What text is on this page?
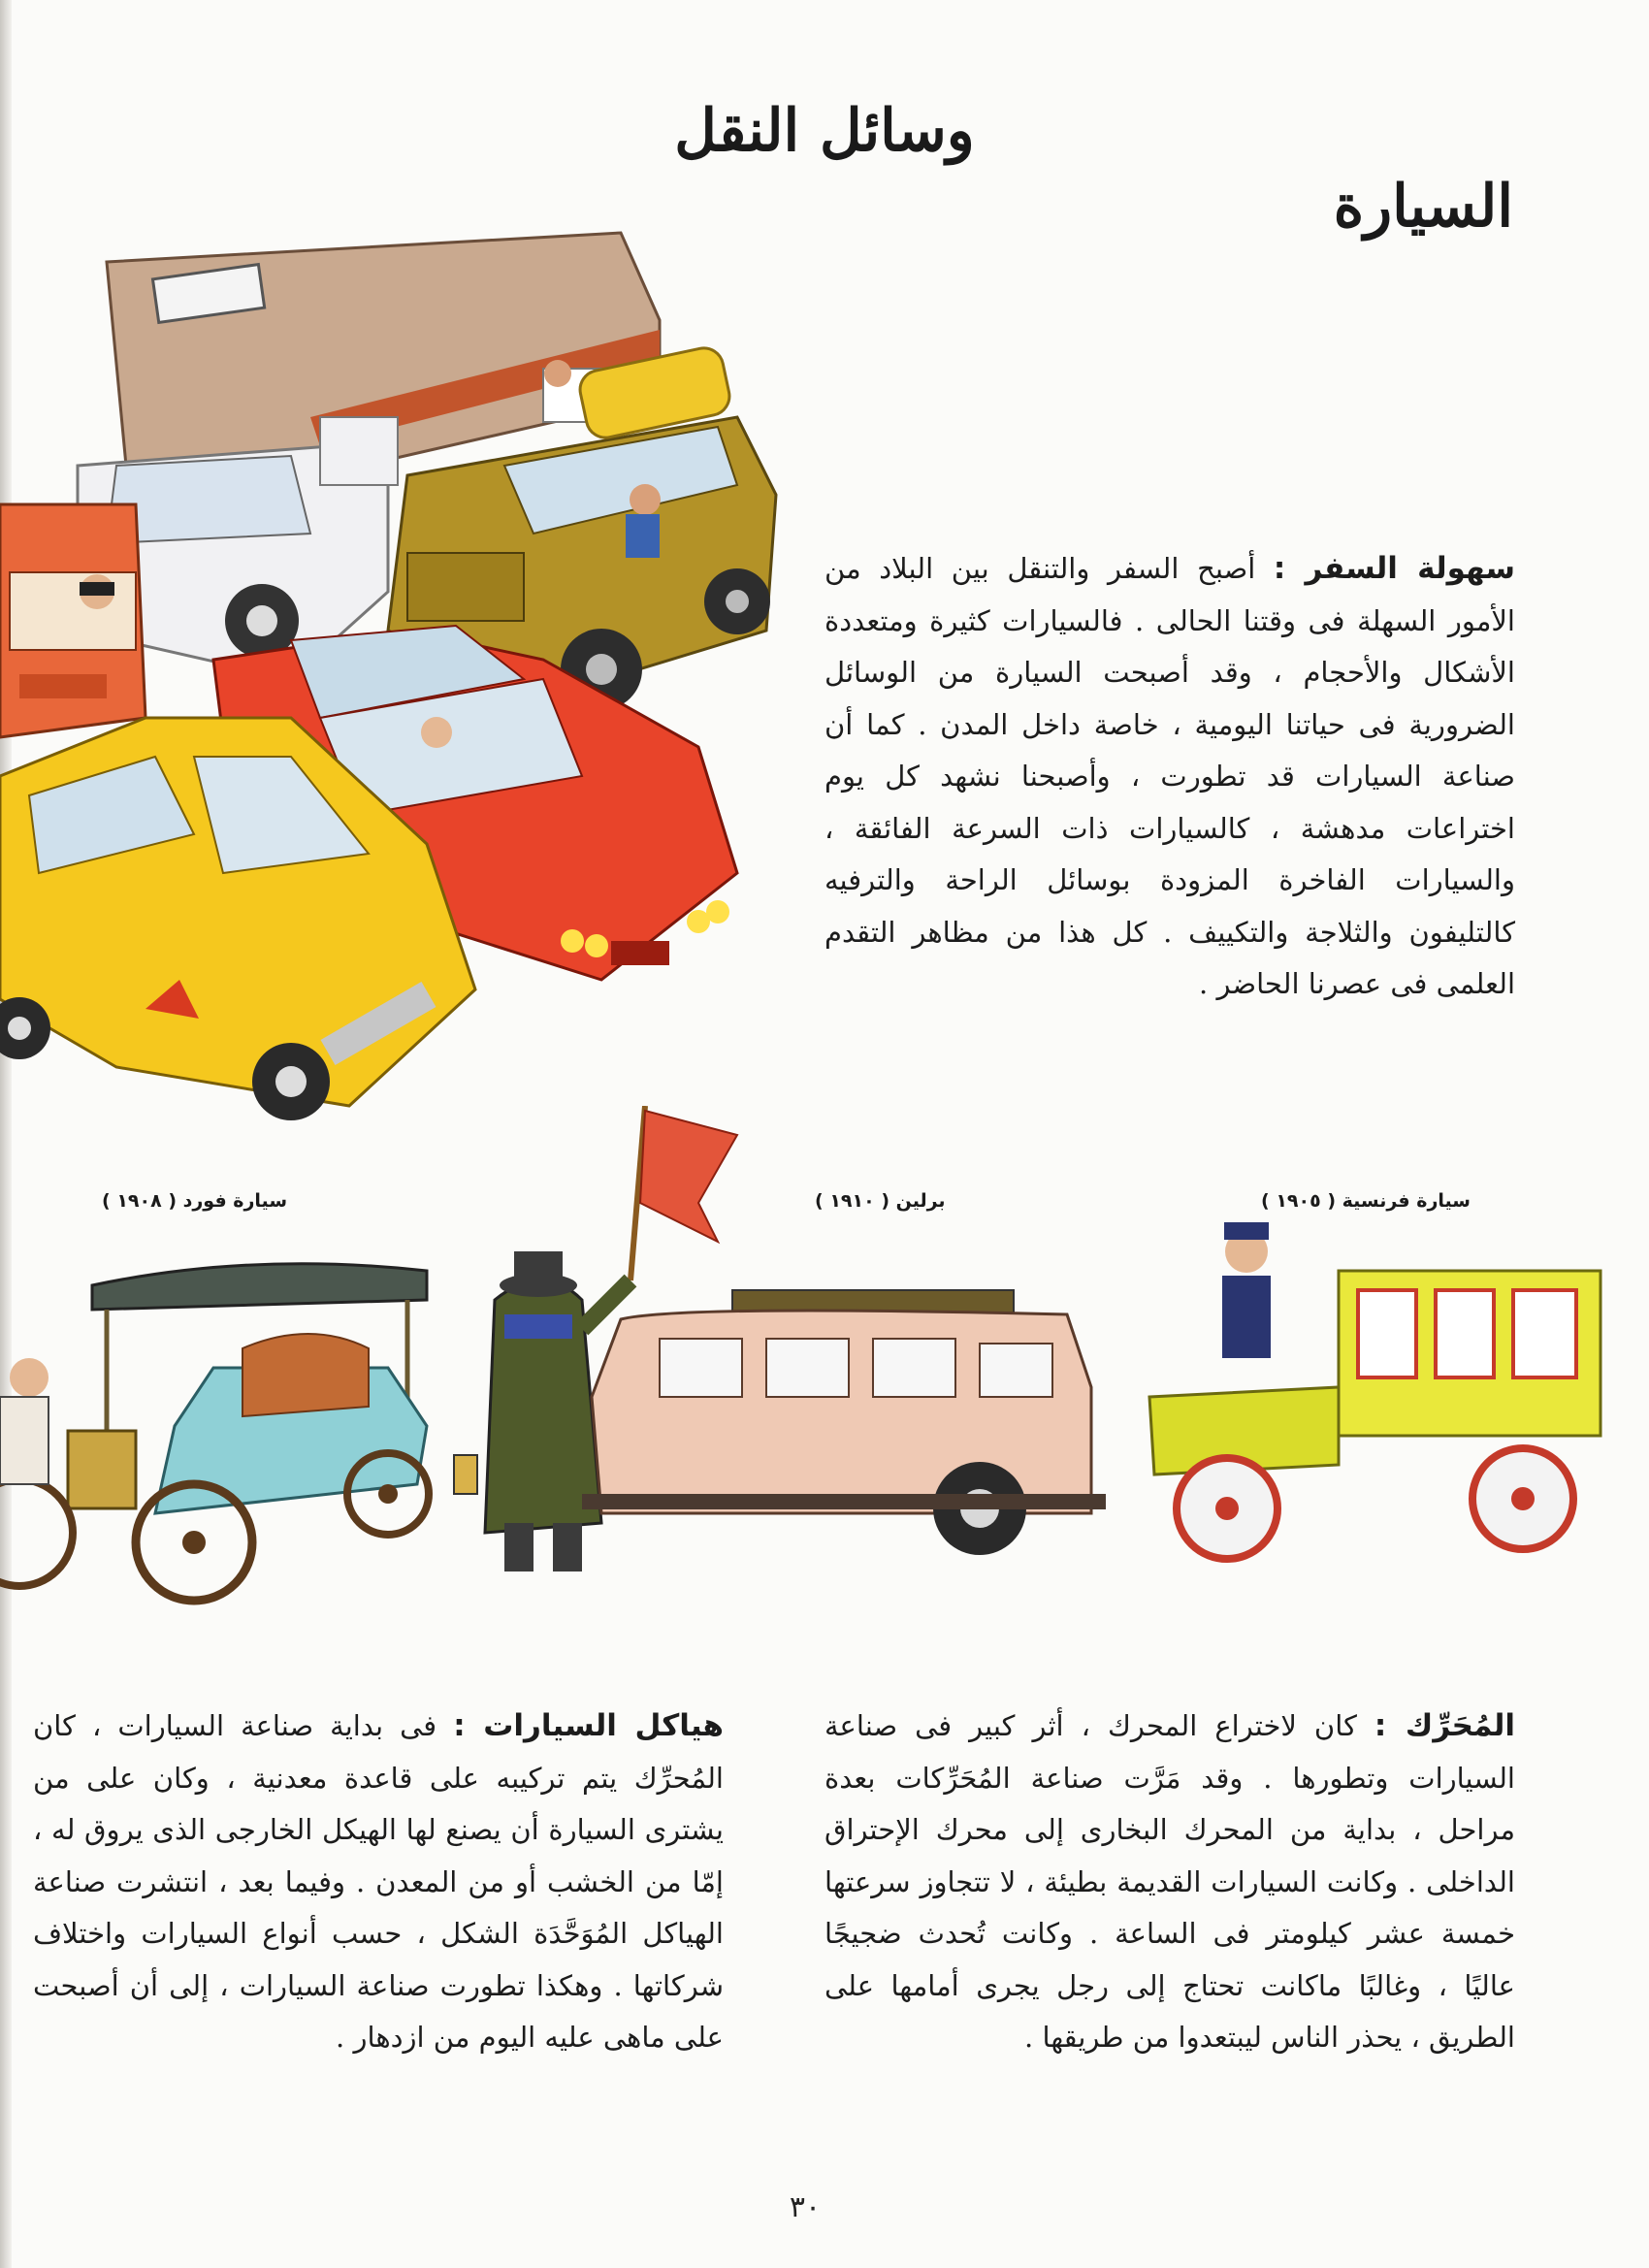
وسائل النقل
السيارة
سهولة السفر : أصبح السفر والتنقل بين البلاد من الأمور السهلة فى وقتنا الحالى . فالسيارات كثيرة ومتعددة الأشكال والأحجام ، وقد أصبحت السيارة من الوسائل الضرورية فى حياتنا اليومية ، خاصة داخل المدن . كما أن صناعة السيارات قد تطورت ، وأصبحنا نشهد كل يوم اختراعات مدهشة ، كالسيارات ذات السرعة الفائقة ، والسيارات الفاخرة المزودة بوسائل الراحة والترفيه كالتليفون والثلاجة والتكييف . كل هذا من مظاهر التقدم العلمى فى عصرنا الحاضر .
سيارة فرنسية ( ١٩٠٥ )
برلين ( ١٩١٠ )
سيارة فورد ( ١٩٠٨ )
المُحَرِّك : كان لاختراع المحرك ، أثر كبير فى صناعة السيارات وتطورها . وقد مَرَّت صناعة المُحَرِّكات بعدة مراحل ، بداية من المحرك البخارى إلى محرك الإحتراق الداخلى . وكانت السيارات القديمة بطيئة ، لا تتجاوز سرعتها خمسة عشر كيلومتر فى الساعة . وكانت تُحدث ضجيجًا عاليًا ، وغالبًا ماكانت تحتاج إلى رجل يجرى أمامها على الطريق ، يحذر الناس ليبتعدوا من طريقها .
هياكل السيارات : فى بداية صناعة السيارات ، كان المُحرِّك يتم تركيبه على قاعدة معدنية ، وكان على من يشترى السيارة أن يصنع لها الهيكل الخارجى الذى يروق له ، إمّا من الخشب أو من المعدن . وفيما بعد ، انتشرت صناعة الهياكل المُوَحَّدَة الشكل ، حسب أنواع السيارات واختلاف شركاتها . وهكذا تطورت صناعة السيارات ، إلى أن أصبحت على ماهى عليه اليوم من ازدهار .
٣٠
